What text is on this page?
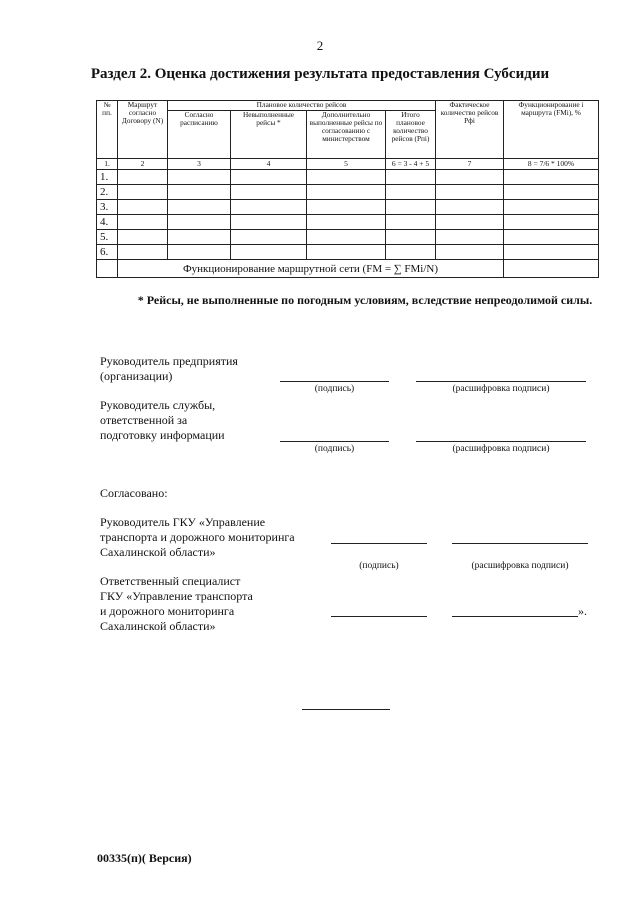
2
Раздел 2. Оценка достижения результата предоставления Субсидии
№ пп.	Маршрут согласно Договору (N)	Плановое количество рейсов				Фактическое количество рейсов Рфi	Функционирование i маршрута (FMi), %
		Согласно расписанию	Невыполненные рейсы *	Дополнительно выполненные рейсы по согласованию с министерством	Итого плановое количество рейсов (Pпi)		
1.	2	3	4	5	6 = 3 - 4 + 5	7	8 = 7/6 * 100%
1.							
2.							
3.							
4.							
5.							
6.							
	Функционирование маршрутной сети (FM = ∑ FMi/N)						
* Рейсы, не выполненные по погодным условиям, вследствие непреодолимой силы.
Руководитель предприятия
(организации)
(подпись)	(расшифровка подписи)
Руководитель службы,
ответственной за
подготовку информации
(подпись)	(расшифровка подписи)
Согласовано:
Руководитель ГКУ «Управление
транспорта и дорожного мониторинга
Сахалинской области»
(подпись)	(расшифровка подписи)
Ответственный специалист
ГКУ «Управление транспорта
и дорожного мониторинга
Сахалинской области»
».
00335(п)( Версия)
